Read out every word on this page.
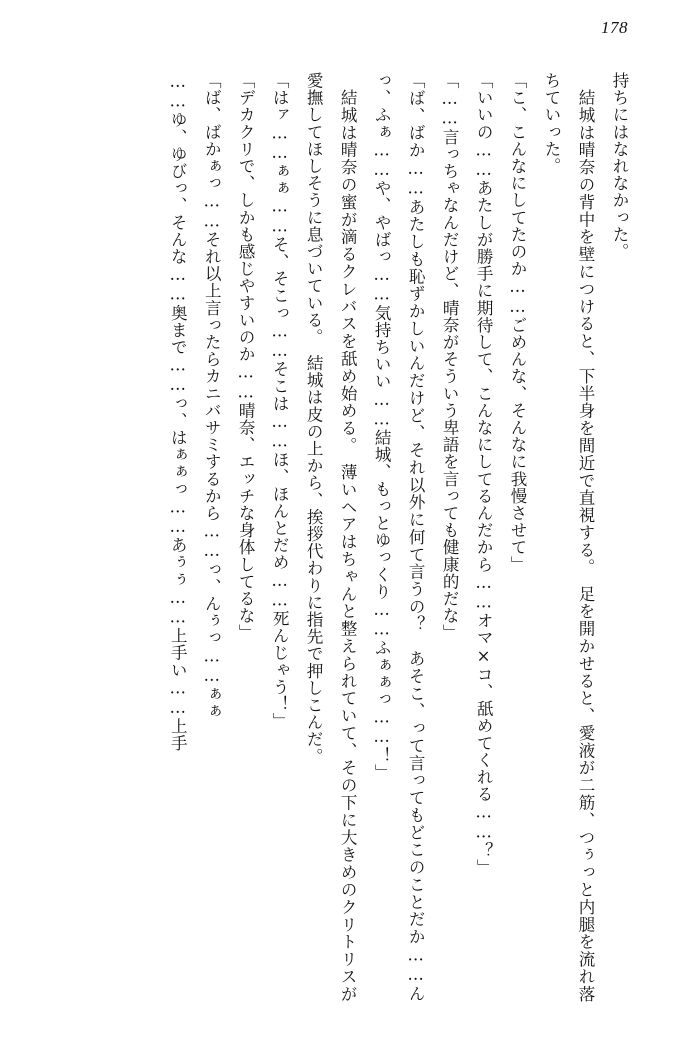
178

持ちにはなれなかった。

結城は晴奈の背中を壁につけると、下半身を間近で直視する。　足を開かせると、愛液が二筋、つぅっと内腿を流れ落ちていった。

「こ、こんなにしてたのか……ごめんな、そんなに我慢させて」

「いいの……あたしが勝手に期待して、こんなにしてるんだから……オマ×コ、舐めてくれる……？」

「……言っちゃなんだけど、晴奈がそういう卑語を言っても健康的だな」

「ば、ばか……あたしも恥ずかしいんだけど、それ以外に何て言うの？　あそこ、って言ってもどこのことだか……んっ、ふぁ……や、やばっ……気持ちいい……結城、もっとゆっくり……ふぁぁっ……！」

結城は晴奈の蜜が滴るクレバスを舐め始める。　薄いヘアはちゃんと整えられていて、その下に大きめのクリトリスが愛撫してほしそうに息づいている。　結城は皮の上から、挨拶代わりに指先で押しこんだ。

「はァ……ぁぁ……そ、そこっ……そこは……ほ、ほんとだめ……死んじゃう！」

「デカクリで、しかも感じやすいのか……晴奈、エッチな身体してるな」

「ば、ばかぁっ……それ以上言ったらカニバサミするから……っ、んぅっ……ぁぁ

……ゆ、ゆびっ、そんな……奥まで……っ、はぁぁっ……あぅぅ……上手い……上手
